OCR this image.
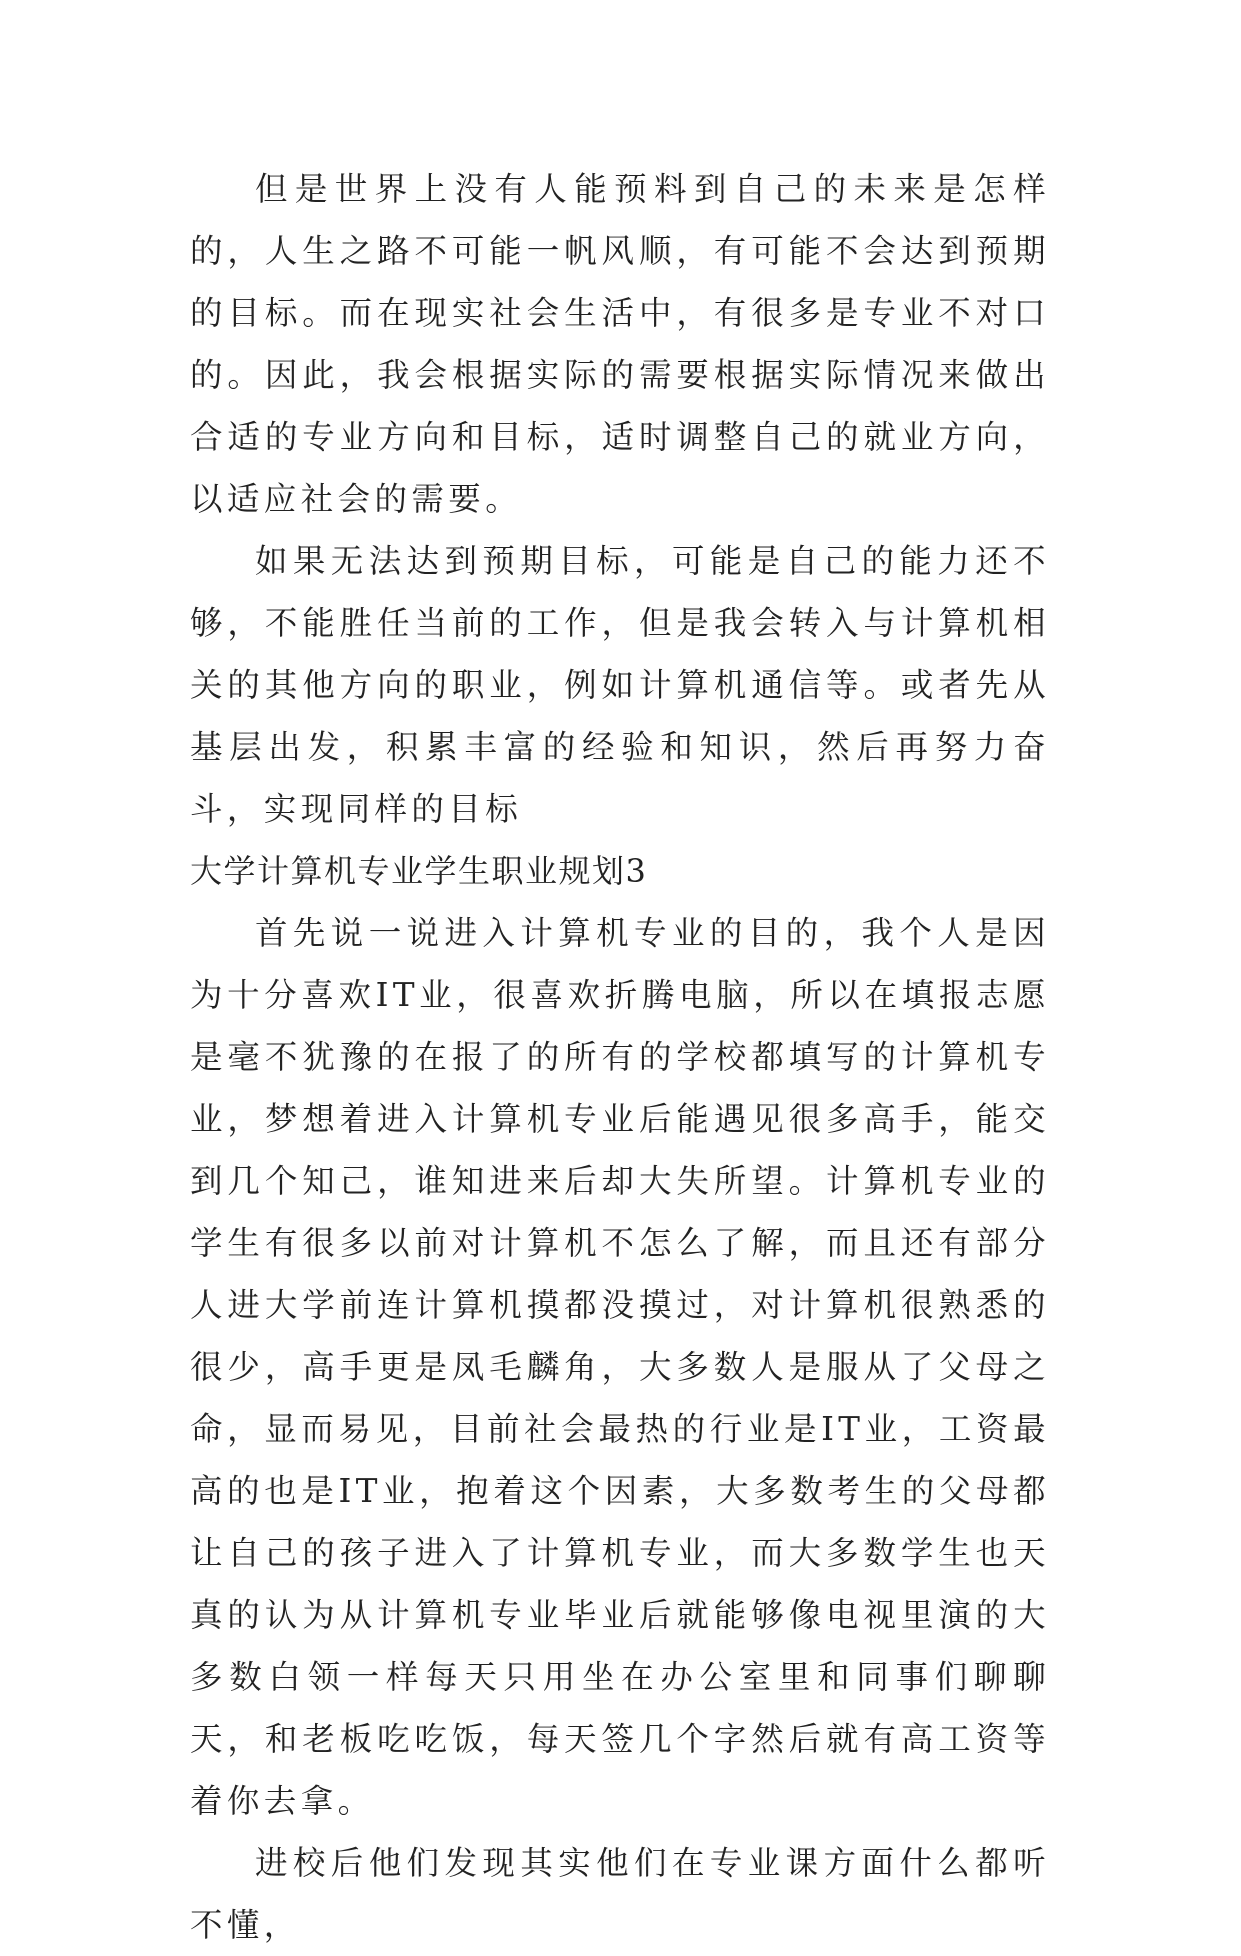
但是世界上没有人能预料到自己的未来是怎样的，人生之路不可能一帆风顺，有可能不会达到预期的目标。而在现实社会生活中，有很多是专业不对口的。因此，我会根据实际的需要根据实际情况来做出合适的专业方向和目标，适时调整自己的就业方向，以适应社会的需要。

如果无法达到预期目标，可能是自己的能力还不够，不能胜任当前的工作，但是我会转入与计算机相关的其他方向的职业，例如计算机通信等。或者先从基层出发，积累丰富的经验和知识，然后再努力奋斗，实现同样的目标

大学计算机专业学生职业规划3

首先说一说进入计算机专业的目的，我个人是因为十分喜欢IT业，很喜欢折腾电脑，所以在填报志愿是毫不犹豫的在报了的所有的学校都填写的计算机专业，梦想着进入计算机专业后能遇见很多高手，能交到几个知己，谁知进来后却大失所望。计算机专业的学生有很多以前对计算机不怎么了解，而且还有部分人进大学前连计算机摸都没摸过，对计算机很熟悉的很少，高手更是凤毛麟角，大多数人是服从了父母之命，显而易见，目前社会最热的行业是IT业，工资最高的也是IT业，抱着这个因素，大多数考生的父母都让自己的孩子进入了计算机专业，而大多数学生也天真的认为从计算机专业毕业后就能够像电视里演的大多数白领一样每天只用坐在办公室里和同事们聊聊天，和老板吃吃饭，每天签几个字然后就有高工资等着你去拿。

进校后他们发现其实他们在专业课方面什么都听不懂，
